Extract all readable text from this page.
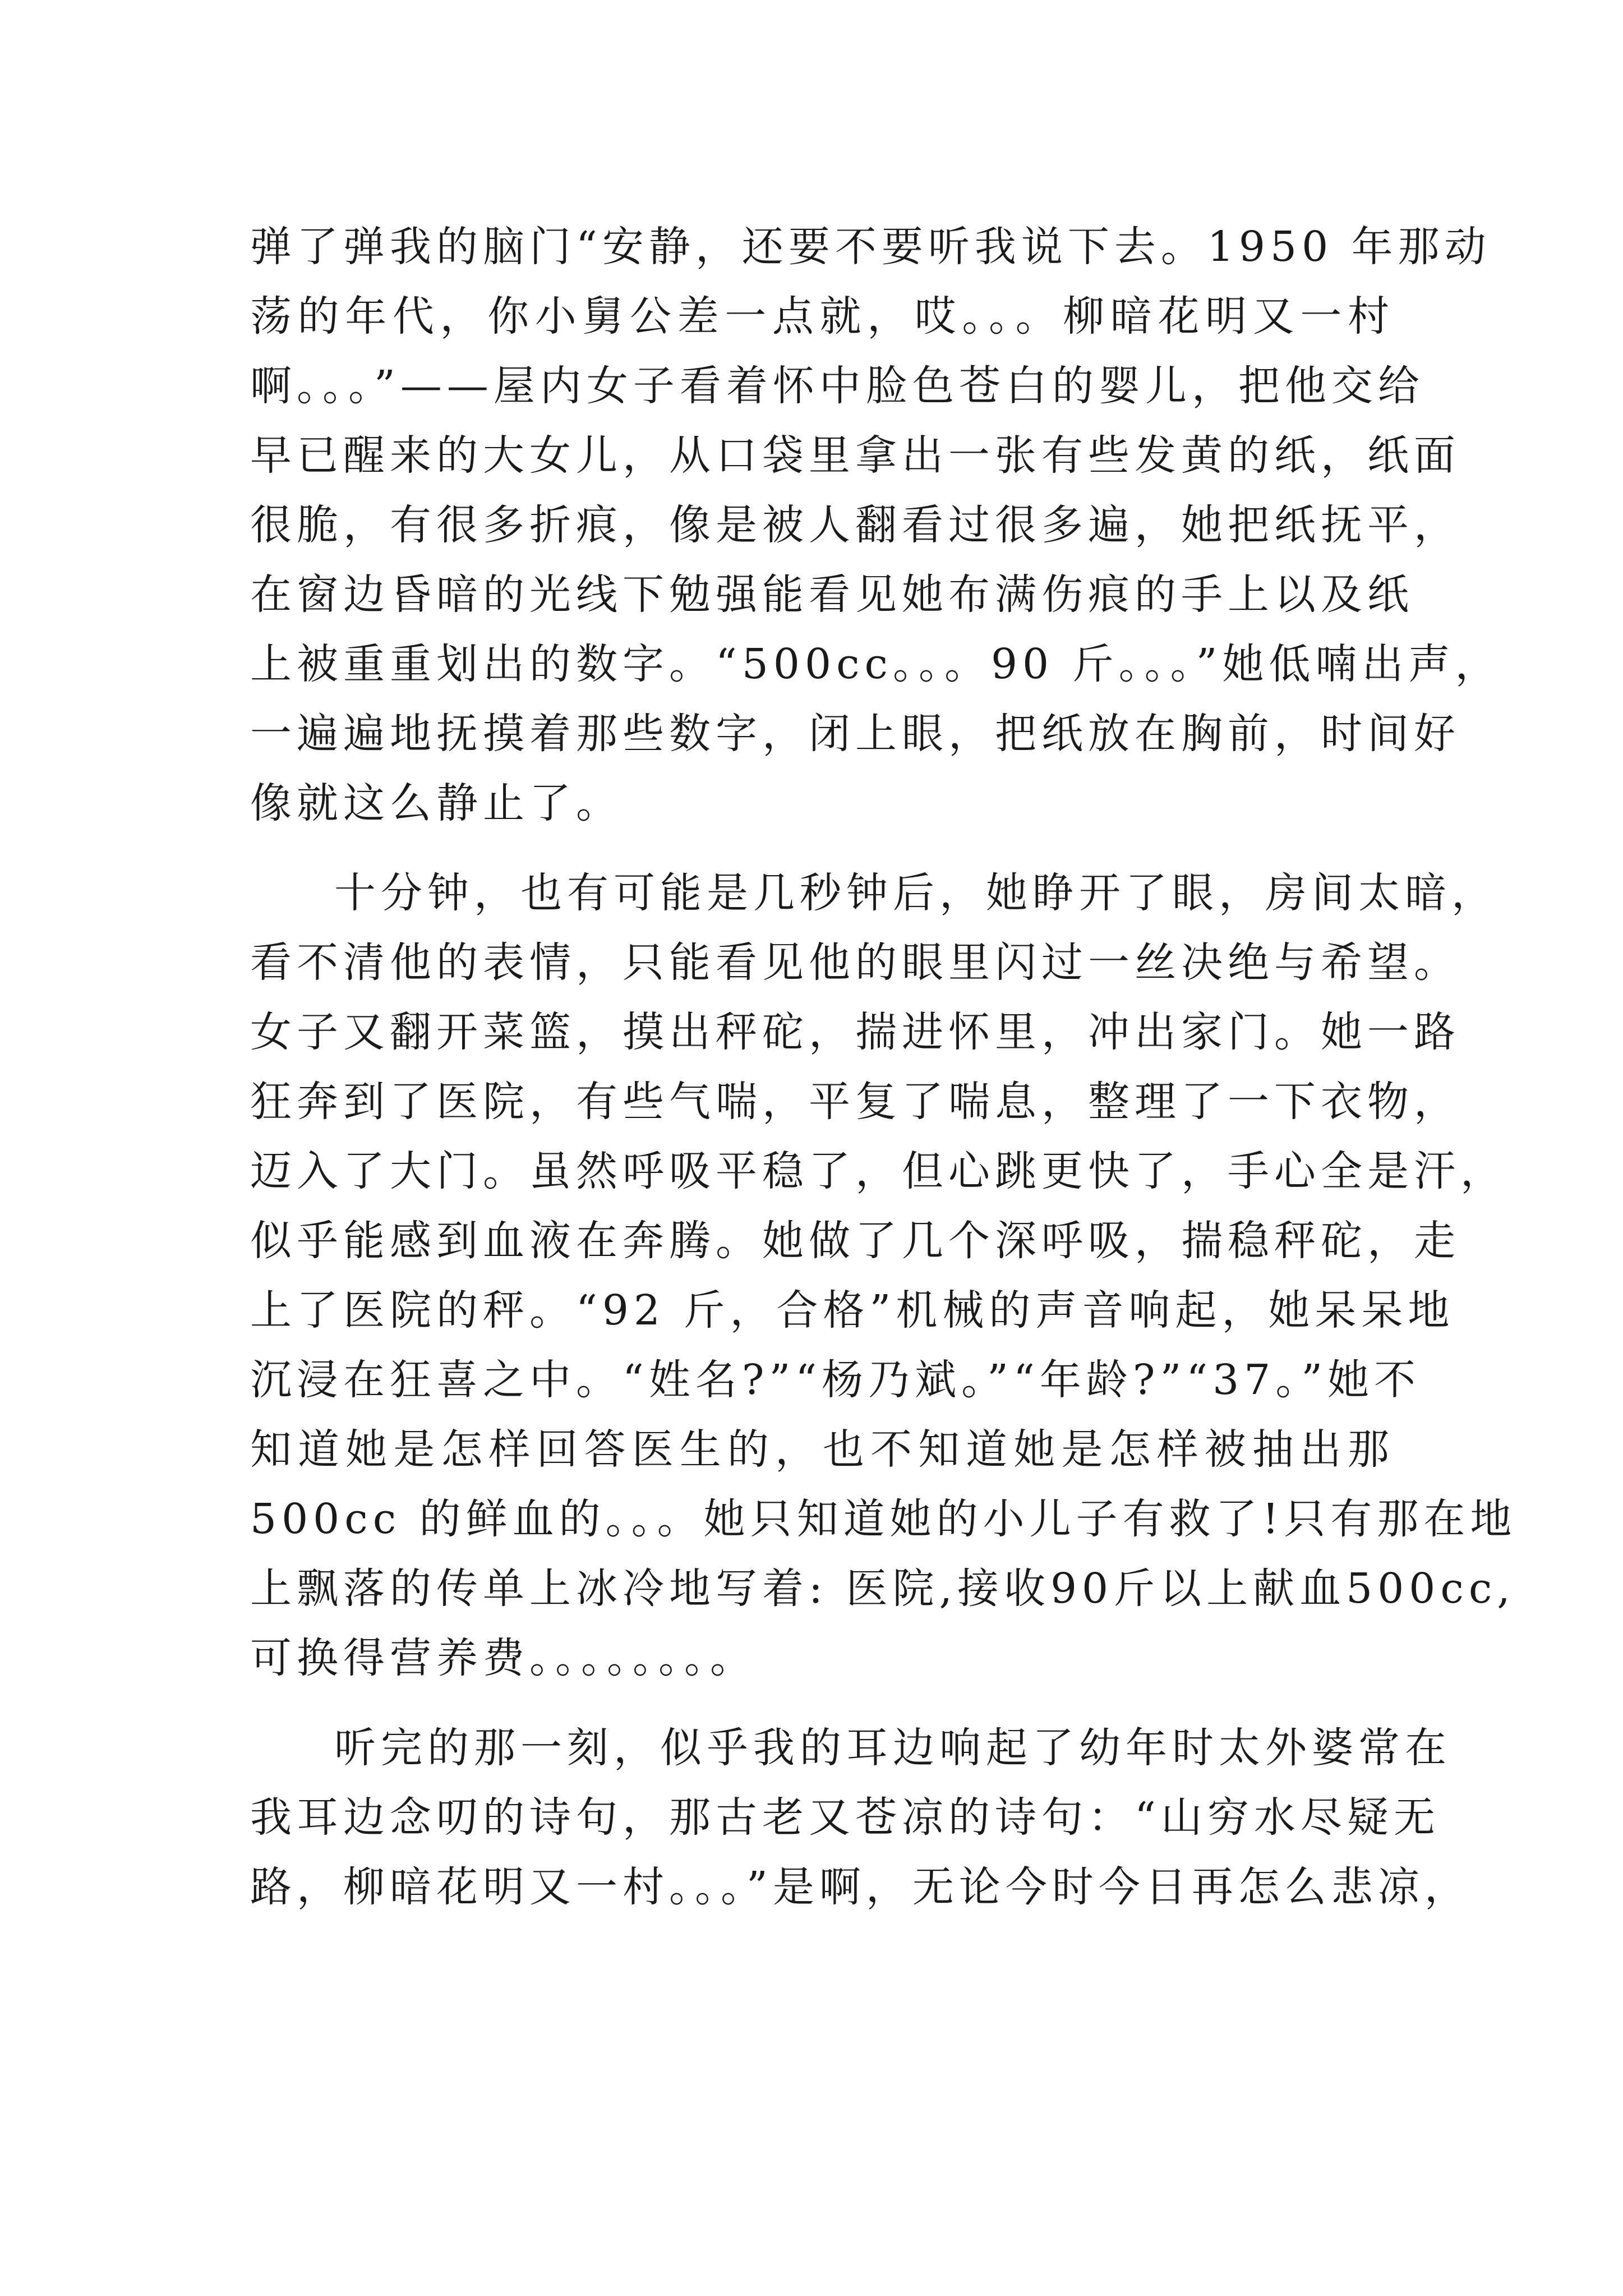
弹了弹我的脑门“安静，还要不要听我说下去。1950 年那动
荡的年代，你小舅公差一点就，哎。。。柳暗花明又一村
啊。。。”——屋内女子看着怀中脸色苍白的婴儿，把他交给
早已醒来的大女儿，从口袋里拿出一张有些发黄的纸，纸面
很脆，有很多折痕，像是被人翻看过很多遍，她把纸抚平，
在窗边昏暗的光线下勉强能看见她布满伤痕的手上以及纸
上被重重划出的数字。“500cc。。。90 斤。。。”她低喃出声，
一遍遍地抚摸着那些数字，闭上眼，把纸放在胸前，时间好
像就这么静止了。
十分钟，也有可能是几秒钟后，她睁开了眼，房间太暗，
看不清他的表情，只能看见他的眼里闪过一丝决绝与希望。
女子又翻开菜篮，摸出秤砣，揣进怀里，冲出家门。她一路
狂奔到了医院，有些气喘，平复了喘息，整理了一下衣物，
迈入了大门。虽然呼吸平稳了，但心跳更快了，手心全是汗，
似乎能感到血液在奔腾。她做了几个深呼吸，揣稳秤砣，走
上了医院的秤。“92 斤，合格”机械的声音响起，她呆呆地
沉浸在狂喜之中。“姓名?”“杨乃斌。”“年龄?”“37。”她不
知道她是怎样回答医生的，也不知道她是怎样被抽出那
500cc 的鲜血的。。。她只知道她的小儿子有救了!只有那在地
上飘落的传单上冰冷地写着: 医院,接收90斤以上献血500cc,
可换得营养费。。。。。。。。
听完的那一刻，似乎我的耳边响起了幼年时太外婆常在
我耳边念叨的诗句，那古老又苍凉的诗句：“山穷水尽疑无
路，柳暗花明又一村。。。”是啊，无论今时今日再怎么悲凉，
